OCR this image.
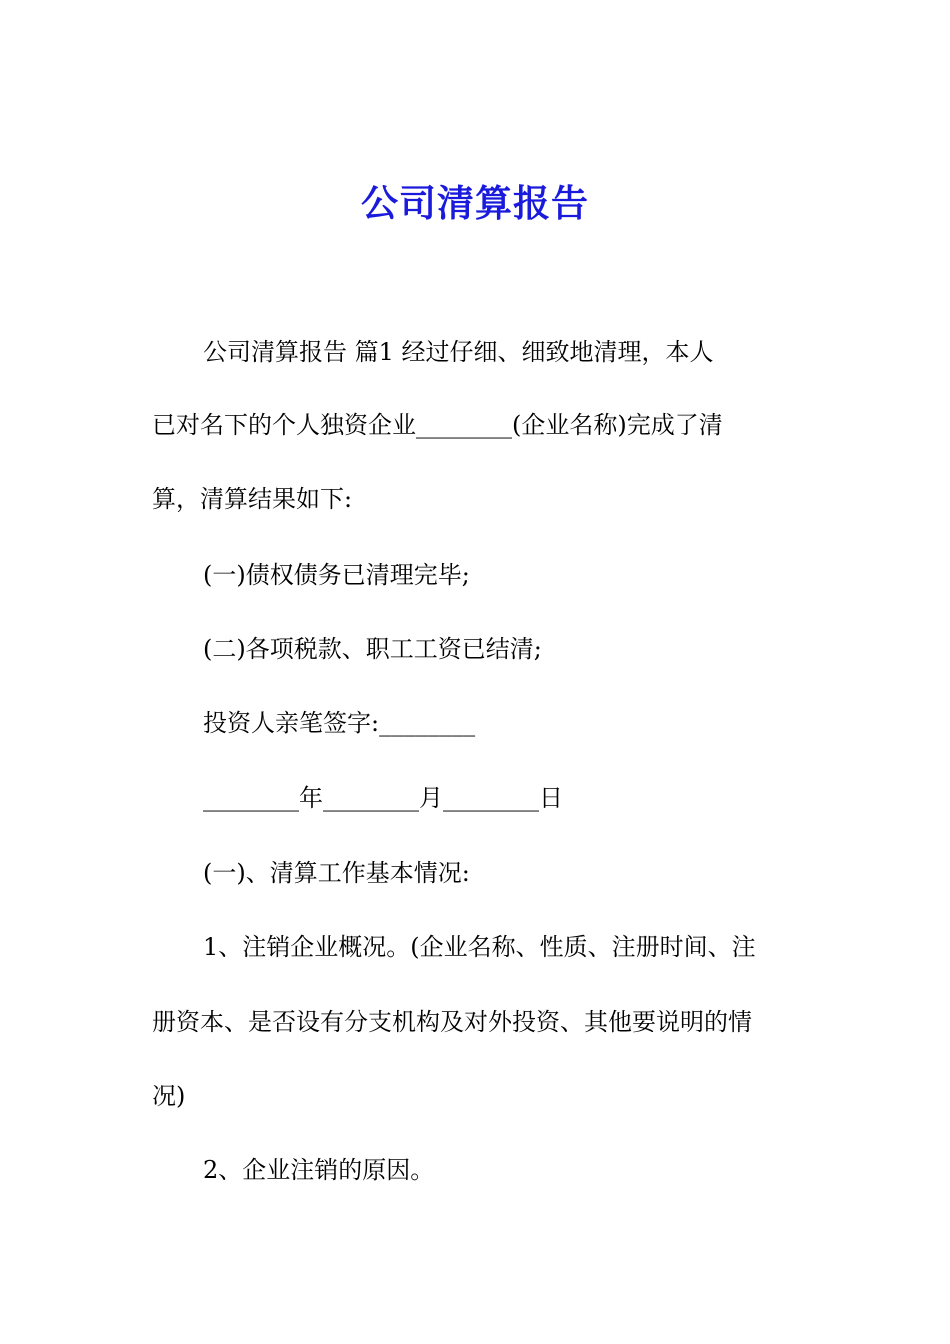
公司清算报告
公司清算报告 篇1 经过仔细、细致地清理，本人
已对名下的个人独资企业________(企业名称)完成了清
算，清算结果如下:
(一)债权债务已清理完毕;
(二)各项税款、职工工资已结清;
投资人亲笔签字:________
________年________月________日
(一)、清算工作基本情况:
1、注销企业概况。(企业名称、性质、注册时间、注
册资本、是否设有分支机构及对外投资、其他要说明的情
况)
2、企业注销的原因。
